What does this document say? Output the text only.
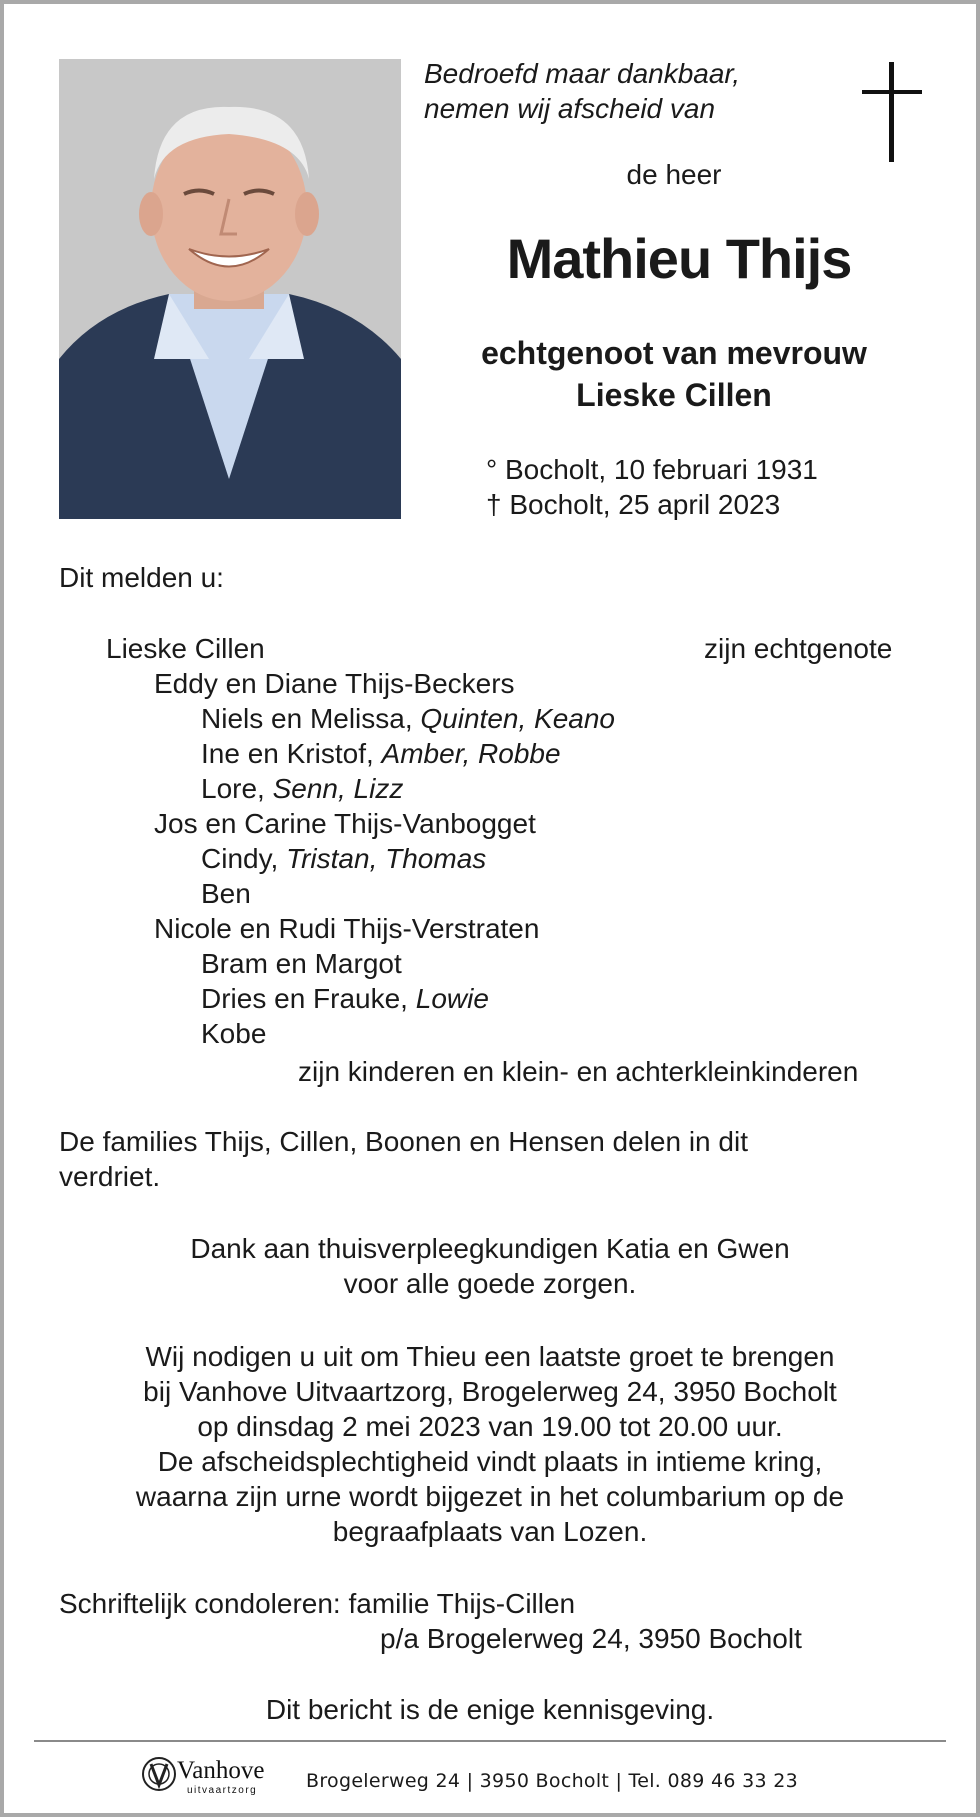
Bedroefd maar dankbaar,
nemen wij afscheid van
de heer
Mathieu Thijs
echtgenoot van mevrouw
Lieske Cillen
° Bocholt, 10 februari 1931
† Bocholt, 25 april 2023
Dit melden u:
Lieske Cillen	zijn echtgenote
Eddy en Diane Thijs-Beckers
Niels en Melissa, Quinten, Keano
Ine en Kristof, Amber, Robbe
Lore, Senn, Lizz
Jos en Carine Thijs-Vanbogget
Cindy, Tristan, Thomas
Ben
Nicole en Rudi Thijs-Verstraten
Bram en Margot
Dries en Frauke, Lowie
Kobe
zijn kinderen en klein- en achterkleinkinderen
De families Thijs, Cillen, Boonen en Hensen delen in dit
verdriet.
Dank aan thuisverpleegkundigen Katia en Gwen
voor alle goede zorgen.
Wij nodigen u uit om Thieu een laatste groet te brengen
bij Vanhove Uitvaartzorg, Brogelerweg 24, 3950 Bocholt
op dinsdag 2 mei 2023 van 19.00 tot 20.00 uur.
De afscheidsplechtigheid vindt plaats in intieme kring,
waarna zijn urne wordt bijgezet in het columbarium op de
begraafplaats van Lozen.
Schriftelijk condoleren: familie Thijs-Cillen
p/a Brogelerweg 24, 3950 Bocholt
Dit bericht is de enige kennisgeving.
Vanhove
uitvaartzorg	Brogelerweg 24 | 3950 Bocholt | Tel. 089 46 33 23
